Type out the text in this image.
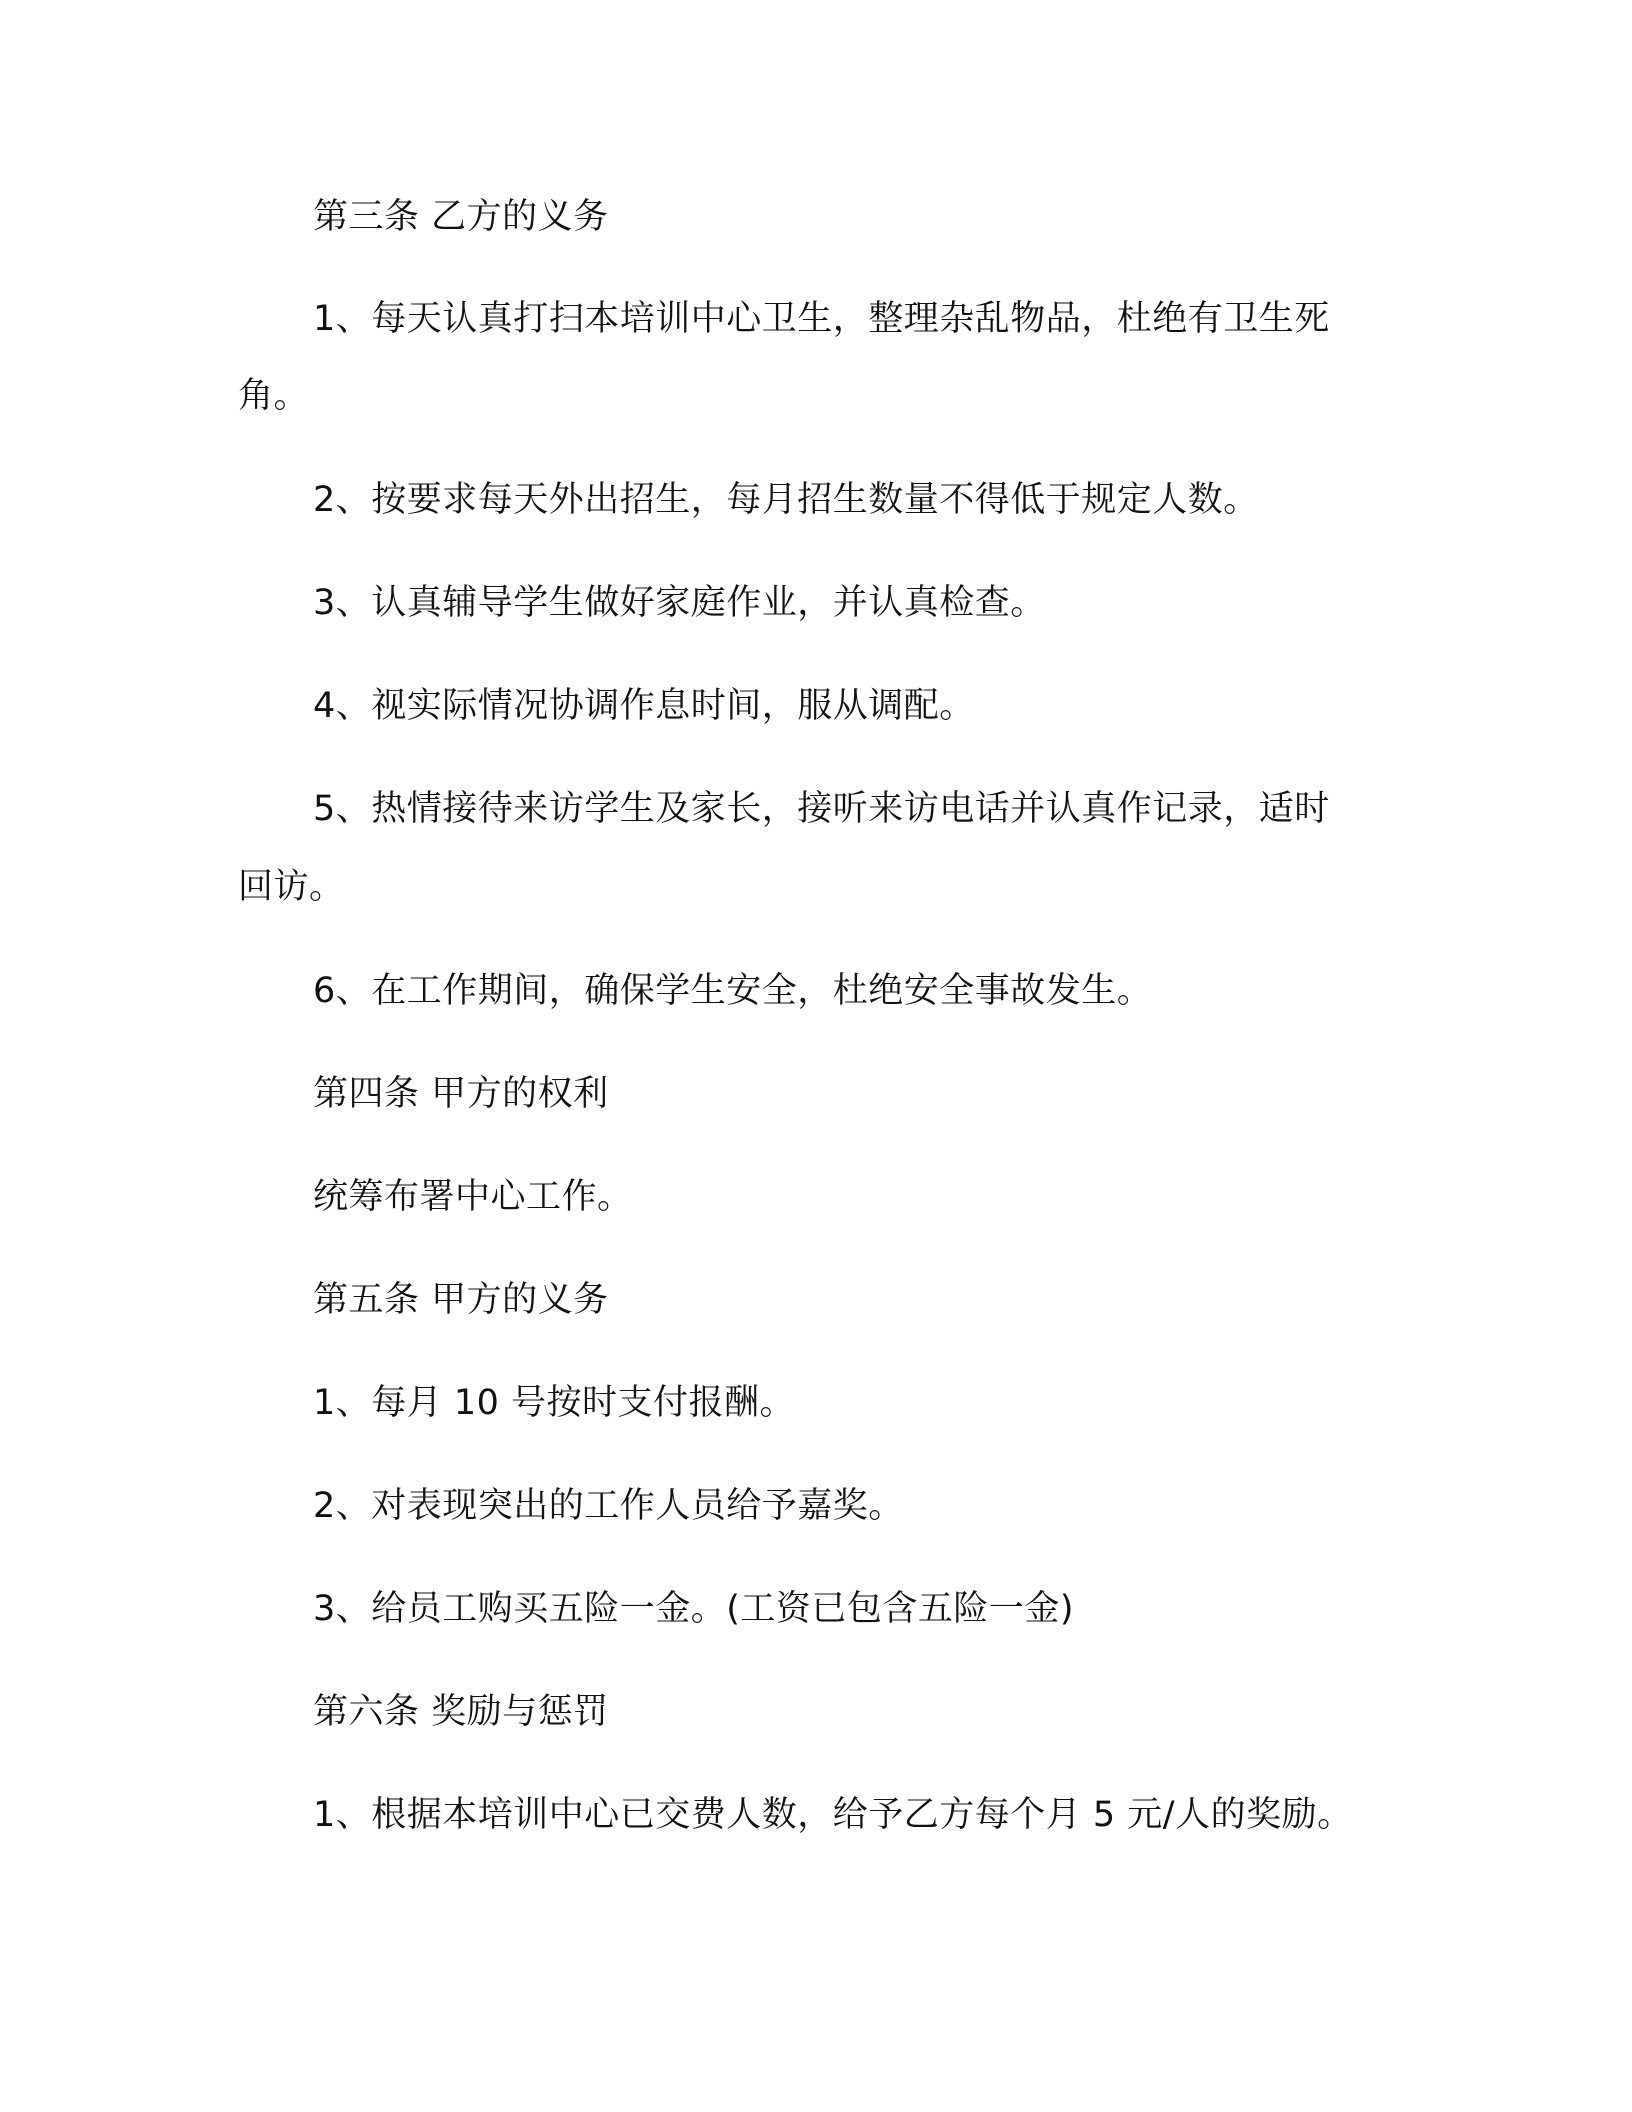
第三条 乙方的义务
1、每天认真打扫本培训中心卫生，整理杂乱物品，杜绝有卫生死
角。
2、按要求每天外出招生，每月招生数量不得低于规定人数。
3、认真辅导学生做好家庭作业，并认真检查。
4、视实际情况协调作息时间，服从调配。
5、热情接待来访学生及家长，接听来访电话并认真作记录，适时
回访。
6、在工作期间，确保学生安全，杜绝安全事故发生。
第四条 甲方的权利
统筹布署中心工作。
第五条 甲方的义务
1、每月 10 号按时支付报酬。
2、对表现突出的工作人员给予嘉奖。
3、给员工购买五险一金。(工资已包含五险一金)
第六条 奖励与惩罚
1、根据本培训中心已交费人数，给予乙方每个月 5 元/人的奖励。
